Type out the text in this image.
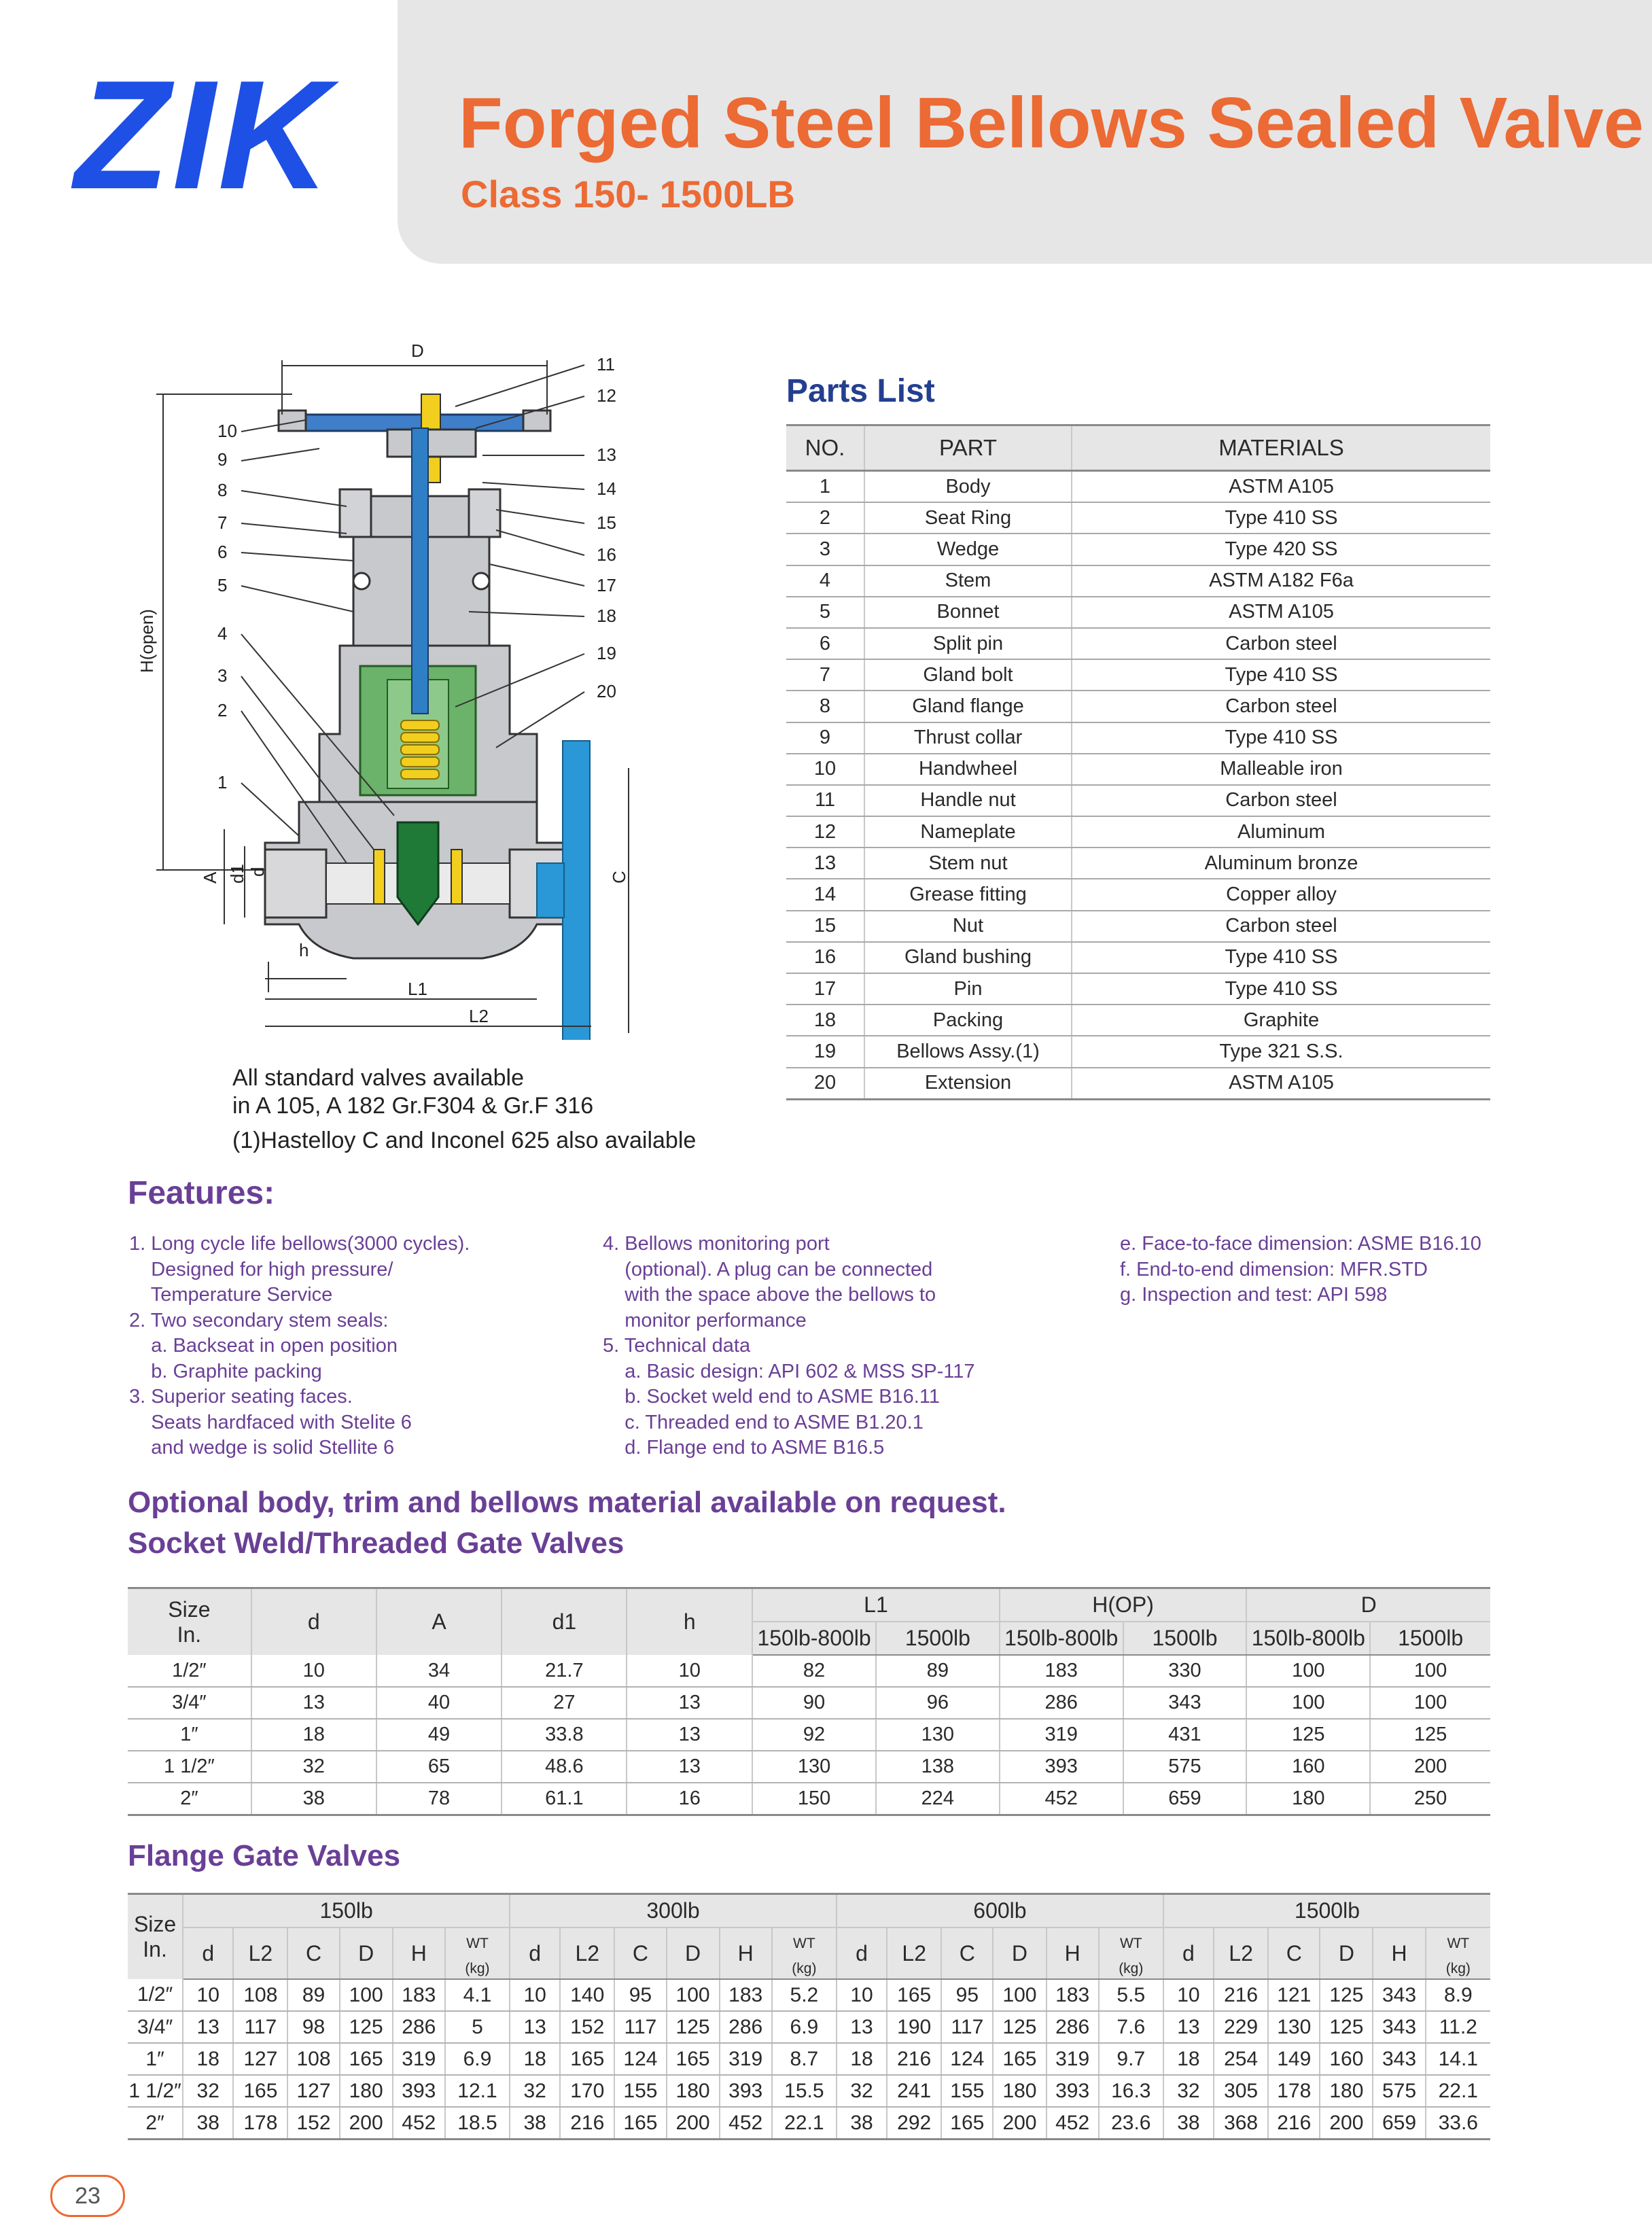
ZIK Forged Steel Bellows Sealed Valve
Class 150- 1500LB
10
9
8
7
6
5
4
3
2
1
11
12
13
14
15
16
17
18
19
20
D
H(open)
A d1 d
h
L1
L2
C
All standard valves available
in A 105, A 182 Gr.F304 & Gr.F 316
(1)Hastelloy C and Inconel 625 also available
Parts List
NO.	PART	MATERIALS
1	Body	ASTM A105
2	Seat Ring	Type 410 SS
3	Wedge	Type 420 SS
4	Stem	ASTM A182 F6a
5	Bonnet	ASTM A105
6	Split pin	Carbon steel
7	Gland bolt	Type 410 SS
8	Gland flange	Carbon steel
9	Thrust collar	Type 410 SS
10	Handwheel	Malleable iron
11	Handle nut	Carbon steel
12	Nameplate	Aluminum
13	Stem nut	Aluminum bronze
14	Grease fitting	Copper alloy
15	Nut	Carbon steel
16	Gland bushing	Type 410 SS
17	Pin	Type 410 SS
18	Packing	Graphite
19	Bellows Assy.(1)	Type 321 S.S.
20	Extension	ASTM A105
Features:
1. Long cycle life bellows(3000 cycles).
Designed for high pressure/
Temperature Service
2. Two secondary stem seals:
a. Backseat in open position
b. Graphite packing
3. Superior seating faces.
Seats hardfaced with Stelite 6
and wedge is solid Stellite 6
4. Bellows monitoring port
(optional). A plug can be connected
with the space above the bellows to
monitor performance
5. Technical data
a. Basic design: API 602 & MSS SP-117
b. Socket weld end to ASME B16.11
c. Threaded end to ASME B1.20.1
d. Flange end to ASME B16.5
e. Face-to-face dimension: ASME B16.10
f. End-to-end dimension: MFR.STD
g. Inspection and test: API 598
Optional body, trim and bellows material available on request.
Socket Weld/Threaded Gate Valves
Size
In.	d	A	d1	h	L1		H(OP)		D	
					150lb-800lb	1500lb	150lb-800lb	1500lb	150lb-800lb	1500lb
1/2″	10	34	21.7	10	82	89	183	330	100	100
3/4″	13	40	27	13	90	96	286	343	100	100
1″	18	49	33.8	13	92	130	319	431	125	125
1 1/2″	32	65	48.6	13	130	138	393	575	160	200
2″	38	78	61.1	16	150	224	452	659	180	250
Flange Gate Valves
Size
In.	150lb						300lb						600lb						1500lb					
	d	L2	C	D	H	WT
(kg)	d	L2	C	D	H	WT
(kg)	d	L2	C	D	H	WT
(kg)	d	L2	C	D	H	WT
(kg)
1/2″	10	108	89	100	183	4.1	10	140	95	100	183	5.2	10	165	95	100	183	5.5	10	216	121	125	343	8.9
3/4″	13	117	98	125	286	5	13	152	117	125	286	6.9	13	190	117	125	286	7.6	13	229	130	125	343	11.2
1″	18	127	108	165	319	6.9	18	165	124	165	319	8.7	18	216	124	165	319	9.7	18	254	149	160	343	14.1
1 1/2″	32	165	127	180	393	12.1	32	170	155	180	393	15.5	32	241	155	180	393	16.3	32	305	178	180	575	22.1
2″	38	178	152	200	452	18.5	38	216	165	200	452	22.1	38	292	165	200	452	23.6	38	368	216	200	659	33.6
23
